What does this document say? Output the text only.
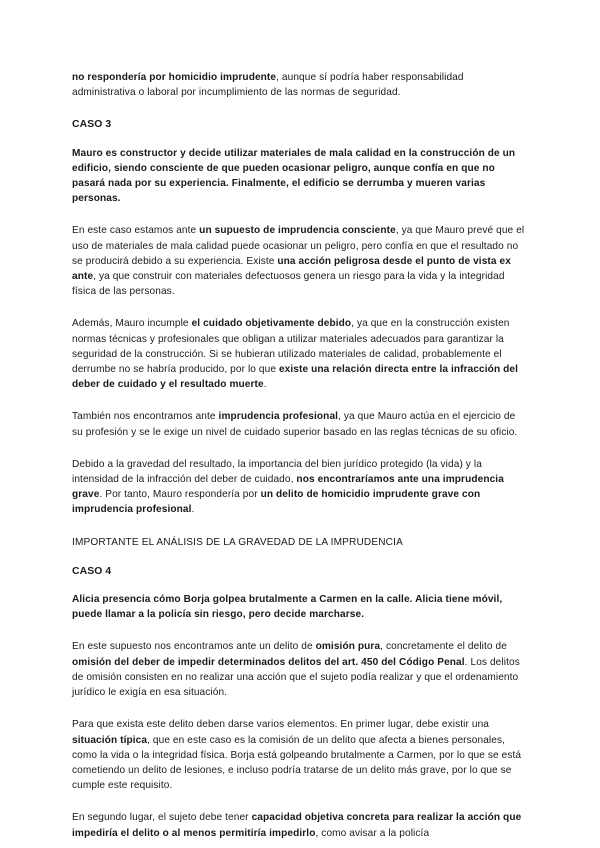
no respondería por homicidio imprudente, aunque sí podría haber responsabilidad administrativa o laboral por incumplimiento de las normas de seguridad.

CASO 3

Mauro es constructor y decide utilizar materiales de mala calidad en la construcción de un edificio, siendo consciente de que pueden ocasionar peligro, aunque confía en que no pasará nada por su experiencia. Finalmente, el edificio se derrumba y mueren varias personas.

En este caso estamos ante un supuesto de imprudencia consciente, ya que Mauro prevé que el uso de materiales de mala calidad puede ocasionar un peligro, pero confía en que el resultado no se producirá debido a su experiencia. Existe una acción peligrosa desde el punto de vista ex ante, ya que construir con materiales defectuosos genera un riesgo para la vida y la integridad física de las personas.

Además, Mauro incumple el cuidado objetivamente debido, ya que en la construcción existen normas técnicas y profesionales que obligan a utilizar materiales adecuados para garantizar la seguridad de la construcción. Si se hubieran utilizado materiales de calidad, probablemente el derrumbe no se habría producido, por lo que existe una relación directa entre la infracción del deber de cuidado y el resultado muerte.

También nos encontramos ante imprudencia profesional, ya que Mauro actúa en el ejercicio de su profesión y se le exige un nivel de cuidado superior basado en las reglas técnicas de su oficio.

Debido a la gravedad del resultado, la importancia del bien jurídico protegido (la vida) y la intensidad de la infracción del deber de cuidado, nos encontraríamos ante una imprudencia grave. Por tanto, Mauro respondería por un delito de homicidio imprudente grave con imprudencia profesional.

IMPORTANTE EL ANÁLISIS DE LA GRAVEDAD DE LA IMPRUDENCIA

CASO 4

Alicia presencia cómo Borja golpea brutalmente a Carmen en la calle. Alicia tiene móvil, puede llamar a la policía sin riesgo, pero decide marcharse.

En este supuesto nos encontramos ante un delito de omisión pura, concretamente el delito de omisión del deber de impedir determinados delitos del art. 450 del Código Penal. Los delitos de omisión consisten en no realizar una acción que el sujeto podía realizar y que el ordenamiento jurídico le exigía en esa situación.

Para que exista este delito deben darse varios elementos. En primer lugar, debe existir una situación típica, que en este caso es la comisión de un delito que afecta a bienes personales, como la vida o la integridad física. Borja está golpeando brutalmente a Carmen, por lo que se está cometiendo un delito de lesiones, e incluso podría tratarse de un delito más grave, por lo que se cumple este requisito.

En segundo lugar, el sujeto debe tener capacidad objetiva concreta para realizar la acción que impediría el delito o al menos permitiría impedirlo, como avisar a la policía
